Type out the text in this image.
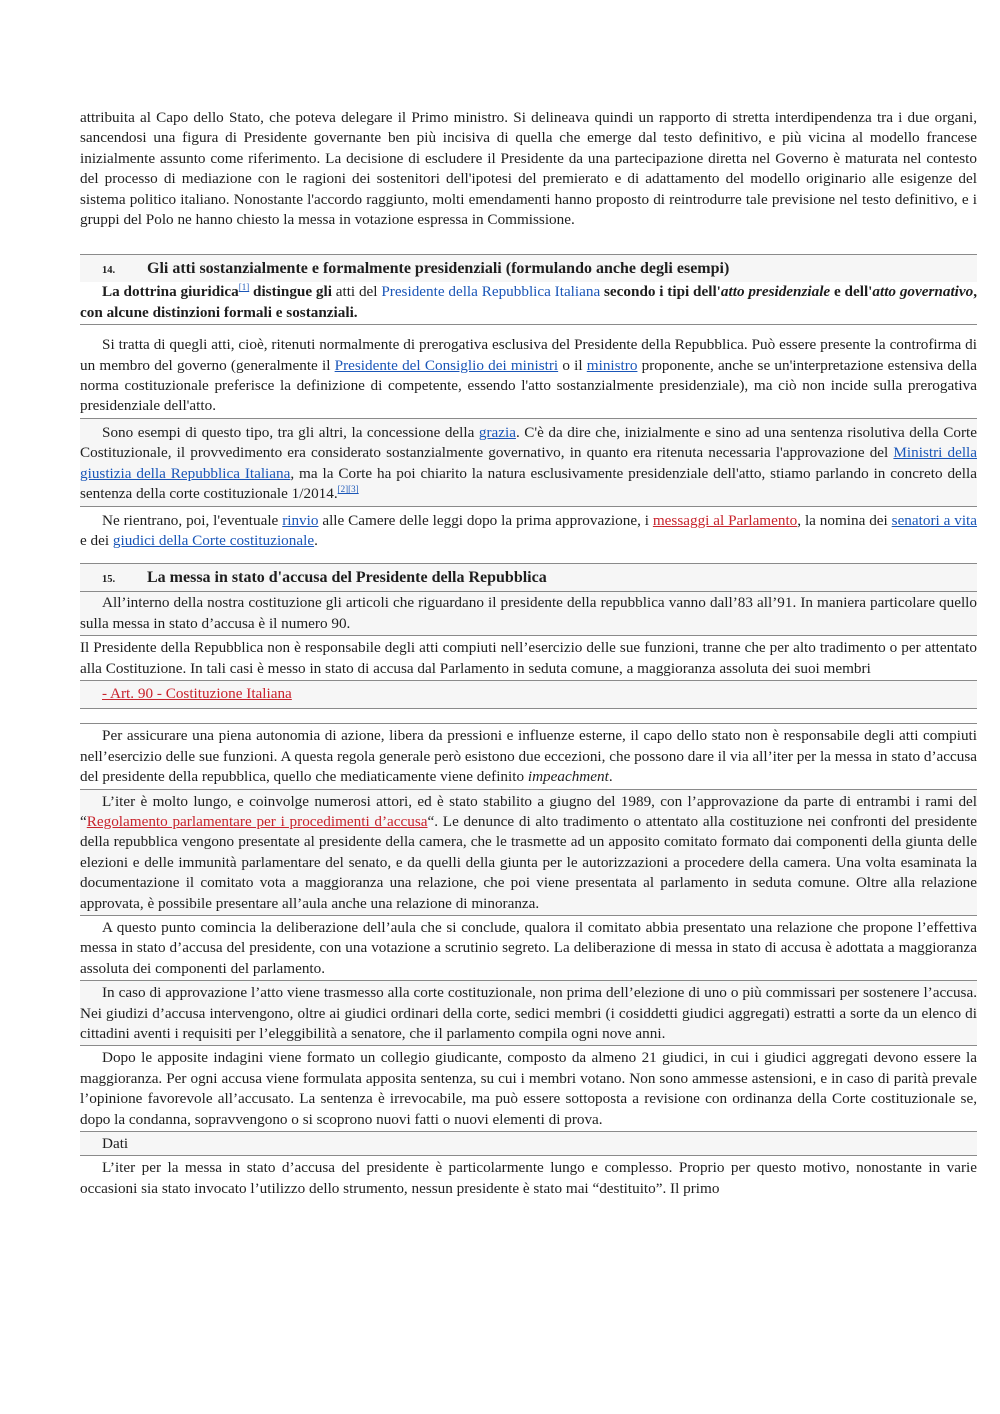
attribuita al Capo dello Stato, che poteva delegare il Primo ministro. Si delineava quindi un rapporto di stretta interdipendenza tra i due organi, sancendosi una figura di Presidente governante ben più incisiva di quella che emerge dal testo definitivo, e più vicina al modello francese inizialmente assunto come riferimento. La decisione di escludere il Presidente da una partecipazione diretta nel Governo è maturata nel contesto del processo di mediazione con le ragioni dei sostenitori dell'ipotesi del premierato e di adattamento del modello originario alle esigenze del sistema politico italiano. Nonostante l'accordo raggiunto, molti emendamenti hanno proposto di reintrodurre tale previsione nel testo definitivo, e i gruppi del Polo ne hanno chiesto la messa in votazione espressa in Commissione.

14. Gli atti sostanzialmente e formalmente presidenziali (formulando anche degli esempi)

La dottrina giuridica[1] distingue gli atti del Presidente della Repubblica Italiana secondo i tipi dell'atto presidenziale e dell'atto governativo, con alcune distinzioni formali e sostanziali.

Si tratta di quegli atti, cioè, ritenuti normalmente di prerogativa esclusiva del Presidente della Repubblica. Può essere presente la controfirma di un membro del governo (generalmente il Presidente del Consiglio dei ministri o il ministro proponente, anche se un'interpretazione estensiva della norma costituzionale preferisce la definizione di competente, essendo l'atto sostanzialmente presidenziale), ma ciò non incide sulla prerogativa presidenziale dell'atto.

Sono esempi di questo tipo, tra gli altri, la concessione della grazia. C'è da dire che, inizialmente e sino ad una sentenza risolutiva della Corte Costituzionale, il provvedimento era considerato sostanzialmente governativo, in quanto era ritenuta necessaria l'approvazione del Ministri della giustizia della Repubblica Italiana, ma la Corte ha poi chiarito la natura esclusivamente presidenziale dell'atto, stiamo parlando in concreto della sentenza della corte costituzionale 1/2014.[2][3]

Ne rientrano, poi, l'eventuale rinvio alle Camere delle leggi dopo la prima approvazione, i messaggi al Parlamento, la nomina dei senatori a vita e dei giudici della Corte costituzionale.

15. La messa in stato d'accusa del Presidente della Repubblica

All’interno della nostra costituzione gli articoli che riguardano il presidente della repubblica vanno dall’83 all’91. In maniera particolare quello sulla messa in stato d’accusa è il numero 90.

Il Presidente della Repubblica non è responsabile degli atti compiuti nell’esercizio delle sue funzioni, tranne che per alto tradimento o per attentato alla Costituzione. In tali casi è messo in stato di accusa dal Parlamento in seduta comune, a maggioranza assoluta dei suoi membri

- Art. 90 - Costituzione Italiana

Per assicurare una piena autonomia di azione, libera da pressioni e influenze esterne, il capo dello stato non è responsabile degli atti compiuti nell’esercizio delle sue funzioni. A questa regola generale però esistono due eccezioni, che possono dare il via all’iter per la messa in stato d’accusa del presidente della repubblica, quello che mediaticamente viene definito impeachment.

L’iter è molto lungo, e coinvolge numerosi attori, ed è stato stabilito a giugno del 1989, con l’approvazione da parte di entrambi i rami del “Regolamento parlamentare per i procedimenti d’accusa“. Le denunce di alto tradimento o attentato alla costituzione nei confronti del presidente della repubblica vengono presentate al presidente della camera, che le trasmette ad un apposito comitato formato dai componenti della giunta delle elezioni e delle immunità parlamentare del senato, e da quelli della giunta per le autorizzazioni a procedere della camera. Una volta esaminata la documentazione il comitato vota a maggioranza una relazione, che poi viene presentata al parlamento in seduta comune. Oltre alla relazione approvata, è possibile presentare all’aula anche una relazione di minoranza.

A questo punto comincia la deliberazione dell’aula che si conclude, qualora il comitato abbia presentato una relazione che propone l’effettiva messa in stato d’accusa del presidente, con una votazione a scrutinio segreto. La deliberazione di messa in stato di accusa è adottata a maggioranza assoluta dei componenti del parlamento.

In caso di approvazione l’atto viene trasmesso alla corte costituzionale, non prima dell’elezione di uno o più commissari per sostenere l’accusa. Nei giudizi d’accusa intervengono, oltre ai giudici ordinari della corte, sedici membri (i cosiddetti giudici aggregati) estratti a sorte da un elenco di cittadini aventi i requisiti per l’eleggibilità a senatore, che il parlamento compila ogni nove anni.

Dopo le apposite indagini viene formato un collegio giudicante, composto da almeno 21 giudici, in cui i giudici aggregati devono essere la maggioranza. Per ogni accusa viene formulata apposita sentenza, su cui i membri votano. Non sono ammesse astensioni, e in caso di parità prevale l’opinione favorevole all’accusato. La sentenza è irrevocabile, ma può essere sottoposta a revisione con ordinanza della Corte costituzionale se, dopo la condanna, sopravvengono o si scoprono nuovi fatti o nuovi elementi di prova.

Dati

L’iter per la messa in stato d’accusa del presidente è particolarmente lungo e complesso. Proprio per questo motivo, nonostante in varie occasioni sia stato invocato l’utilizzo dello strumento, nessun presidente è stato mai “destituito”. Il primo
